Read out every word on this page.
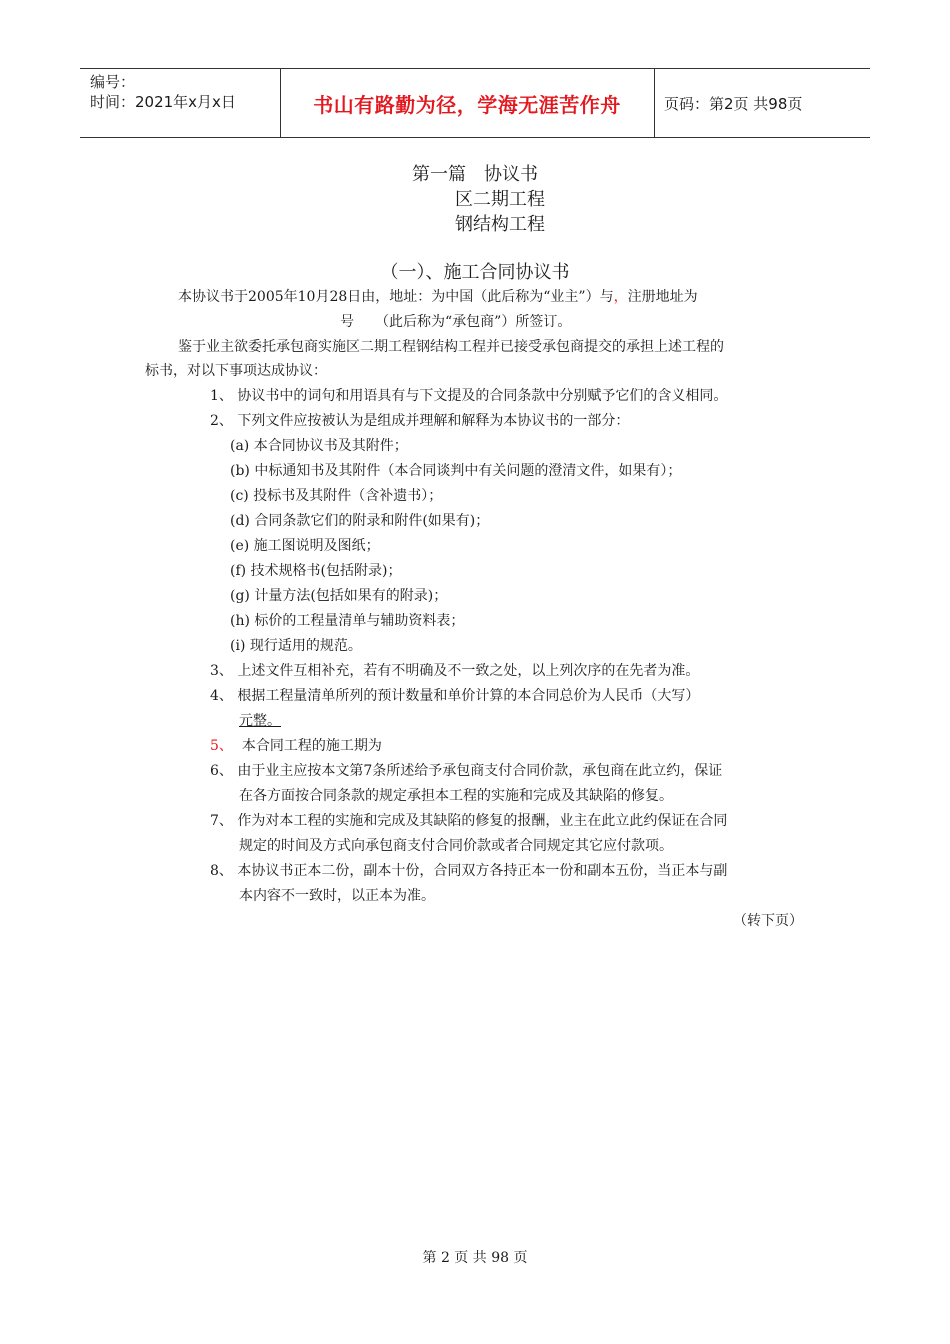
编号：
时间：2021年x月x日	书山有路勤为径，学海无涯苦作舟	页码：第2页 共98页
第一篇　协议书
区二期工程
钢结构工程
（一）、施工合同协议书
本协议书于2005年10月28日由，地址：为中国（此后称为“业主”）与，注册地址为
号　　（此后称为“承包商”）所签订。
鉴于业主欲委托承包商实施区二期工程钢结构工程并已接受承包商提交的承担上述工程的
标书，对以下事项达成协议：
1、 协议书中的词句和用语具有与下文提及的合同条款中分别赋予它们的含义相同。
2、 下列文件应按被认为是组成并理解和解释为本协议书的一部分：
(a) 本合同协议书及其附件；
(b) 中标通知书及其附件（本合同谈判中有关问题的澄清文件，如果有）；
(c) 投标书及其附件（含补遗书）；
(d) 合同条款它们的附录和附件(如果有)；
(e) 施工图说明及图纸；
(f) 技术规格书(包括附录)；
(g) 计量方法(包括如果有的附录)；
(h) 标价的工程量清单与辅助资料表；
(i) 现行适用的规范。
3、 上述文件互相补充，若有不明确及不一致之处，以上列次序的在先者为准。
4、 根据工程量清单所列的预计数量和单价计算的本合同总价为人民币（大写）
元整。
5、 本合同工程的施工期为
6、 由于业主应按本文第7条所述给予承包商支付合同价款，承包商在此立约，保证
在各方面按合同条款的规定承担本工程的实施和完成及其缺陷的修复。
7、 作为对本工程的实施和完成及其缺陷的修复的报酬，业主在此立此约保证在合同
规定的时间及方式向承包商支付合同价款或者合同规定其它应付款项。
8、 本协议书正本二份，副本十份，合同双方各持正本一份和副本五份，当正本与副
本内容不一致时，以正本为准。
（转下页）
第 2 页 共 98 页
